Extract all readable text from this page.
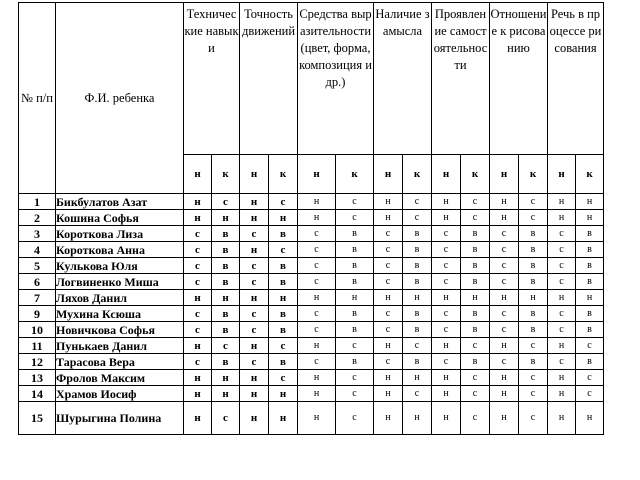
№ п/п	Ф.И. ребенка	Технические навыки		Точность движений		Средства выразительности (цвет, форма, композиция и др.)		Наличие замысла		Проявление самостоятельности		Отношение к рисованию		Речь в процессе рисования	

		н	к	н	к	н	к	н	к	н	к	н	к	н	к
1	Бикбулатов Азат	н	с	н	с	н	с	н	с	н	с	н	с	н	н
2	Кошина Софья	н	н	н	н	н	с	н	с	н	с	н	с	н	н
3	Короткова Лиза	с	в	с	в	с	в	с	в	с	в	с	в	с	в
4	Короткова Анна	с	в	н	с	с	в	с	в	с	в	с	в	с	в
5	Кулькова Юля	с	в	с	в	с	в	с	в	с	в	с	в	с	в
6	Логвиненко Миша	с	в	с	в	с	в	с	в	с	в	с	в	с	в
7	Ляхов Данил	н	н	н	н	н	н	н	н	н	н	н	н	н	н
9	Мухина Ксюша	с	в	с	в	с	в	с	в	с	в	с	в	с	в
10	Новичкова Софья	с	в	с	в	с	в	с	в	с	в	с	в	с	в
11	Пунькаев Данил	н	с	н	с	н	с	н	с	н	с	н	с	н	с
12	Тарасова Вера	с	в	с	в	с	в	с	в	с	в	с	в	с	в
13	Фролов Максим	н	н	н	с	н	с	н	н	н	с	н	с	н	с
14	Храмов Иосиф	н	н	н	н	н	с	н	с	н	с	н	с	н	с
15	Шурыгина Полина	н	с	н	н	н	с	н	н	н	с	н	с	н	н
